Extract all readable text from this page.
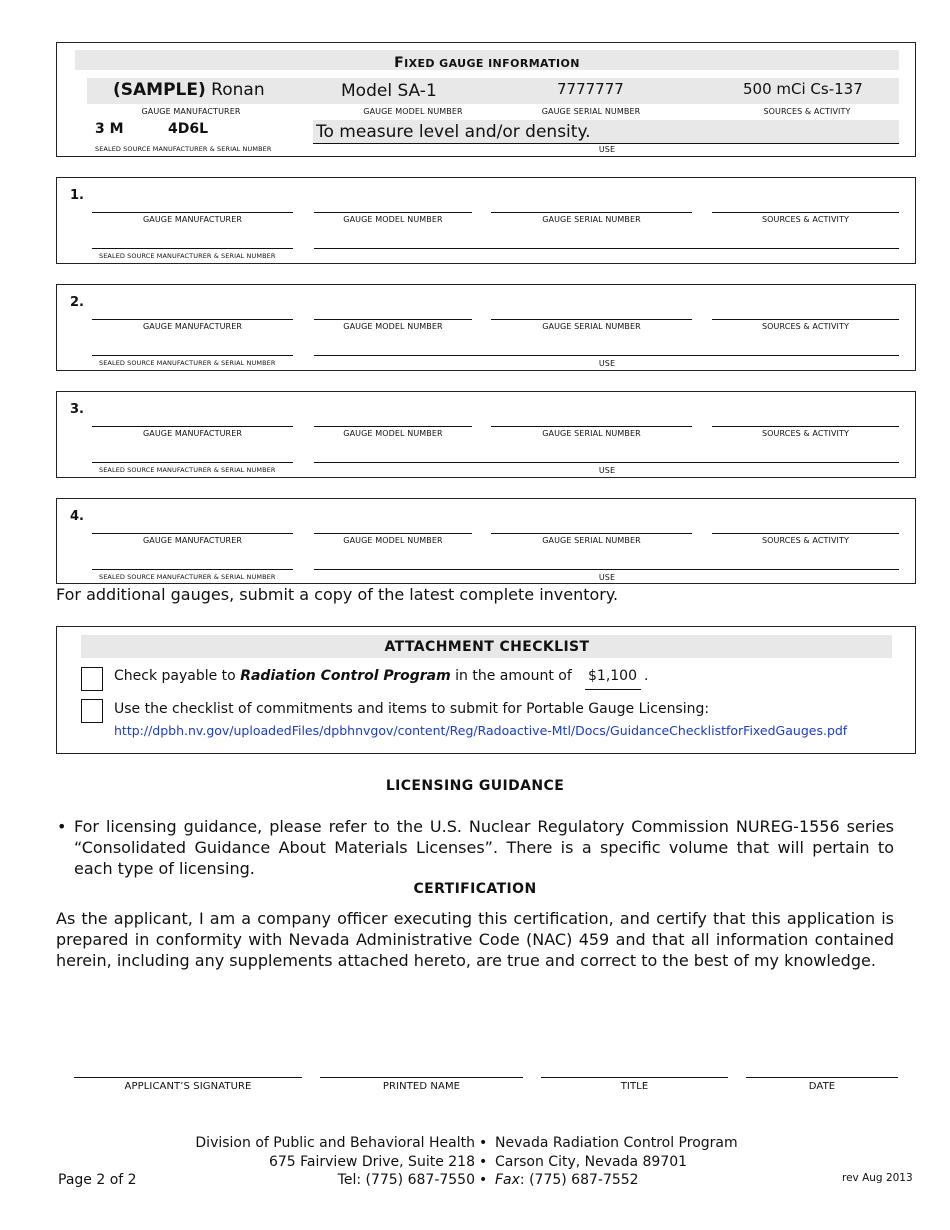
FIXED GAUGE INFORMATION
(SAMPLE) Ronan	Model SA-1	7777777	500 mCi Cs-137
GAUGE MANUFACTURER	GAUGE MODEL NUMBER	GAUGE SERIAL NUMBER	SOURCES & ACTIVITY
3 M	4D6L	To measure level and/or density.
SEALED SOURCE MANUFACTURER & SERIAL NUMBER	USE
1.
GAUGE MANUFACTURER	GAUGE MODEL NUMBER	GAUGE SERIAL NUMBER	SOURCES & ACTIVITY
SEALED SOURCE MANUFACTURER & SERIAL NUMBER
2.
GAUGE MANUFACTURER	GAUGE MODEL NUMBER	GAUGE SERIAL NUMBER	SOURCES & ACTIVITY
SEALED SOURCE MANUFACTURER & SERIAL NUMBER	USE
3.
GAUGE MANUFACTURER	GAUGE MODEL NUMBER	GAUGE SERIAL NUMBER	SOURCES & ACTIVITY
SEALED SOURCE MANUFACTURER & SERIAL NUMBER	USE
4.
GAUGE MANUFACTURER	GAUGE MODEL NUMBER	GAUGE SERIAL NUMBER	SOURCES & ACTIVITY
SEALED SOURCE MANUFACTURER & SERIAL NUMBER	USE
For additional gauges, submit a copy of the latest complete inventory.
ATTACHMENT CHECKLIST
Check payable to Radiation Control Program in the amount of $1,100 .
Use the checklist of commitments and items to submit for Portable Gauge Licensing:
http://dpbh.nv.gov/uploadedFiles/dpbhnvgov/content/Reg/Radoactive-Mtl/Docs/GuidanceChecklistforFixedGauges.pdf
LICENSING GUIDANCE
• For licensing guidance, please refer to the U.S. Nuclear Regulatory Commission NUREG-1556 series “Consolidated Guidance About Materials Licenses”. There is a specific volume that will pertain to each type of licensing.
CERTIFICATION
As the applicant, I am a company officer executing this certification, and certify that this application is prepared in conformity with Nevada Administrative Code (NAC) 459 and that all information contained herein, including any supplements attached hereto, are true and correct to the best of my knowledge.
APPLICANT’S SIGNATURE	PRINTED NAME	TITLE	DATE
Division of Public and Behavioral Health • Nevada Radiation Control Program
675 Fairview Drive, Suite 218 • Carson City, Nevada 89701
Tel: (775) 687-7550 • Fax: (775) 687-7552
Page 2 of 2	rev Aug 2013
